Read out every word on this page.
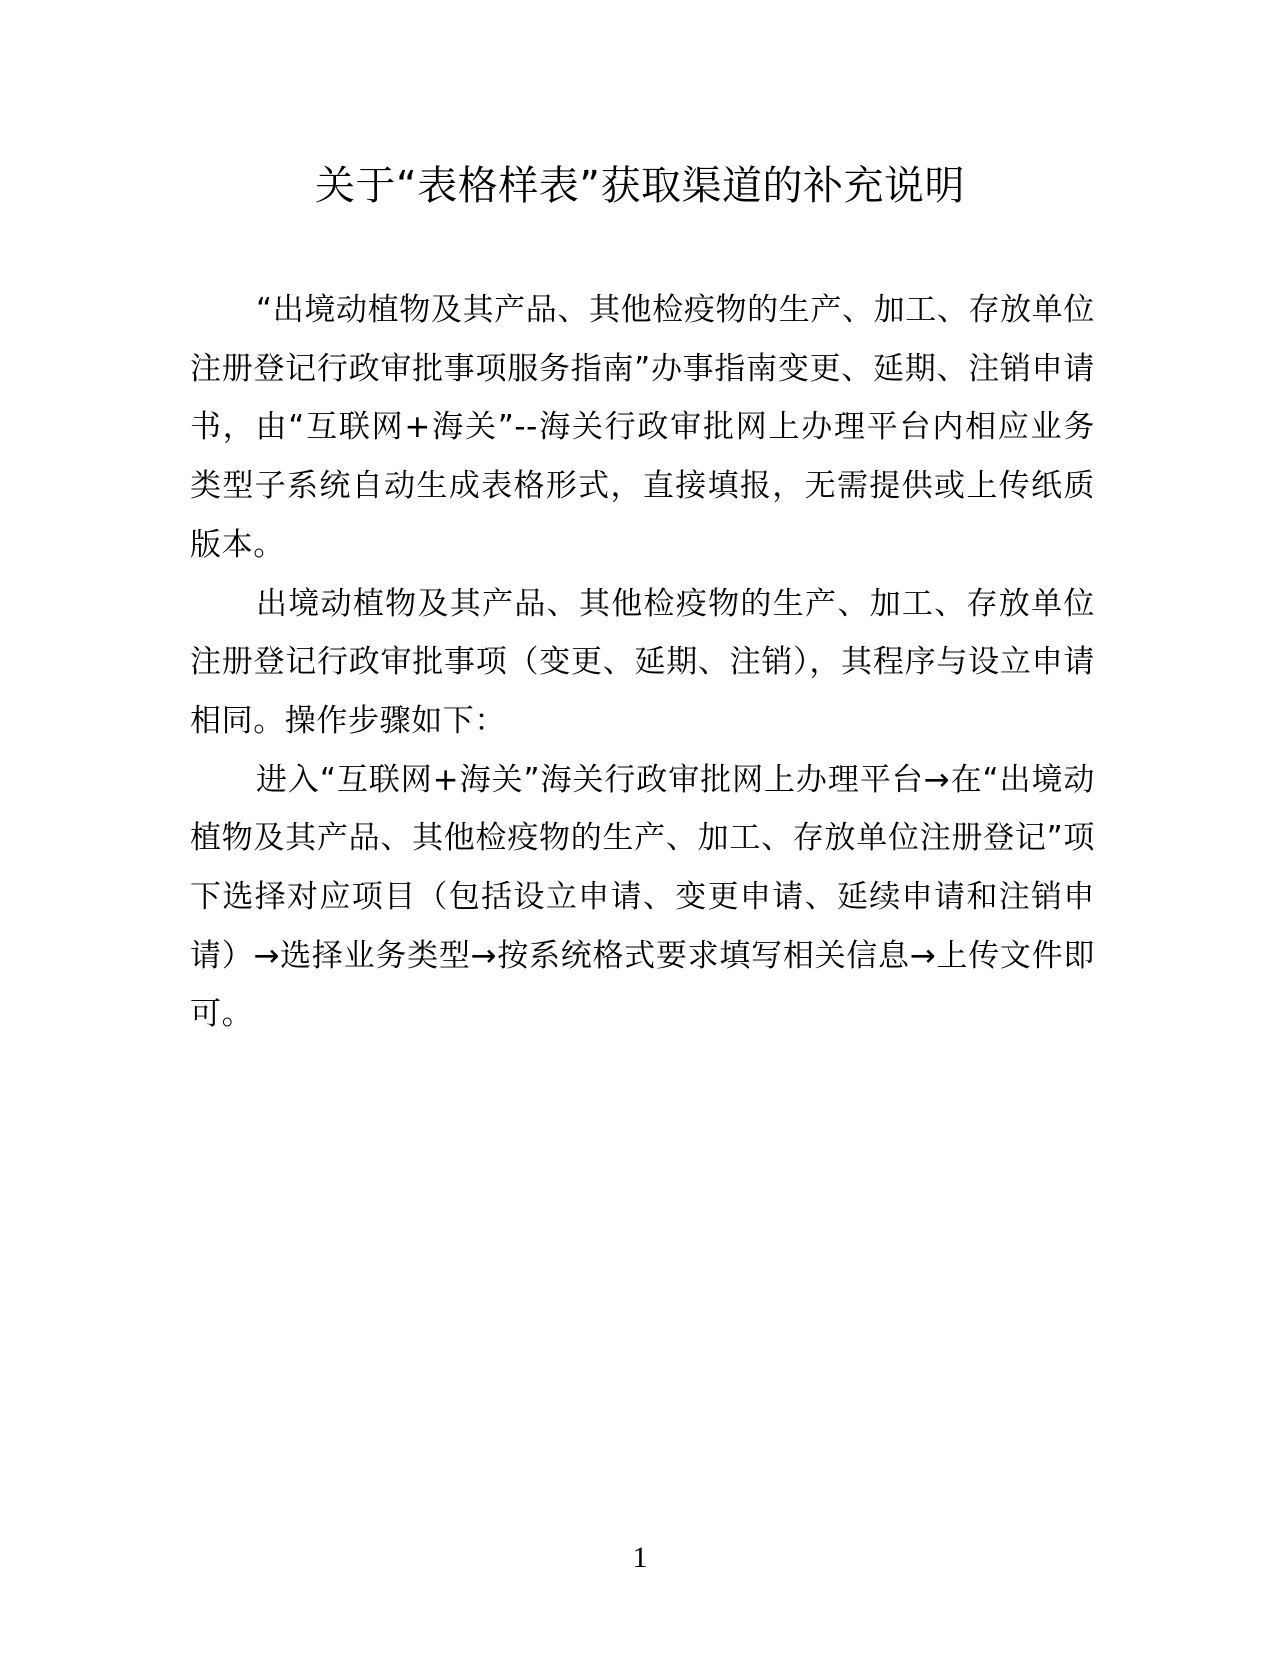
关于“表格样表”获取渠道的补充说明

“出境动植物及其产品、其他检疫物的生产、加工、存放单位注册登记行政审批事项服务指南”办事指南变更、延期、注销申请书，由“互联网+海关”--海关行政审批网上办理平台内相应业务类型子系统自动生成表格形式，直接填报，无需提供或上传纸质版本。

出境动植物及其产品、其他检疫物的生产、加工、存放单位注册登记行政审批事项（变更、延期、注销），其程序与设立申请相同。操作步骤如下：

进入“互联网+海关”海关行政审批网上办理平台→在“出境动植物及其产品、其他检疫物的生产、加工、存放单位注册登记”项下选择对应项目（包括设立申请、变更申请、延续申请和注销申请）→选择业务类型→按系统格式要求填写相关信息→上传文件即可。

1
